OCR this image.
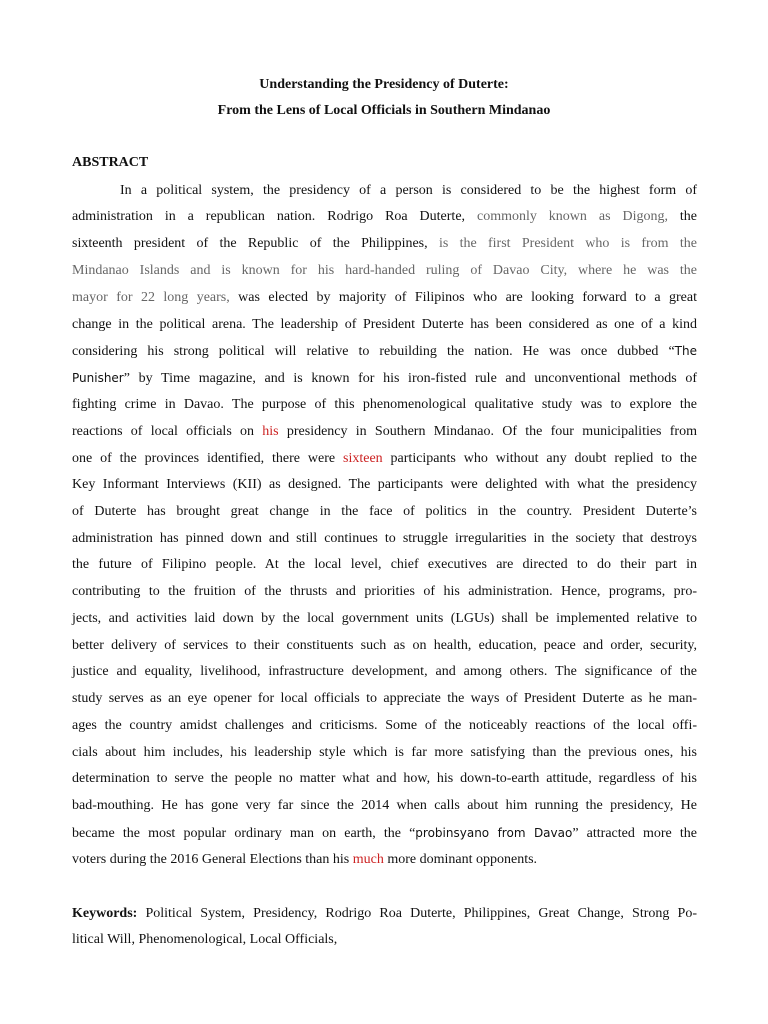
Understanding the Presidency of Duterte:
From the Lens of Local Officials in Southern Mindanao
ABSTRACT
In a political system, the presidency of a person is considered to be the highest form of
administration in a republican nation. Rodrigo Roa Duterte, commonly known as Digong, the
sixteenth president of the Republic of the Philippines, is the first President who is from the
Mindanao Islands and is known for his hard-handed ruling of Davao City, where he was the
mayor for 22 long years, was elected by majority of Filipinos who are looking forward to a great
change in the political arena. The leadership of President Duterte has been considered as one of a kind
considering his strong political will relative to rebuilding the nation. He was once dubbed “The
Punisher” by Time magazine, and is known for his iron-fisted rule and unconventional methods of
fighting crime in Davao. The purpose of this phenomenological qualitative study was to explore the
reactions of local officials on his presidency in Southern Mindanao. Of the four municipalities from
one of the provinces identified, there were sixteen participants who without any doubt replied to the
Key Informant Interviews (KII) as designed. The participants were delighted with what the presidency
of Duterte has brought great change in the face of politics in the country. President Duterte’s
administration has pinned down and still continues to struggle irregularities in the society that destroys
the future of Filipino people. At the local level, chief executives are directed to do their part in
contributing to the fruition of the thrusts and priorities of his administration. Hence, programs, pro-
jects, and activities laid down by the local government units (LGUs) shall be implemented relative to
better delivery of services to their constituents such as on health, education, peace and order, security,
justice and equality, livelihood, infrastructure development, and among others. The significance of the
study serves as an eye opener for local officials to appreciate the ways of President Duterte as he man-
ages the country amidst challenges and criticisms. Some of the noticeably reactions of the local offi-
cials about him includes, his leadership style which is far more satisfying than the previous ones, his
determination to serve the people no matter what and how, his down-to-earth attitude, regardless of his
bad-mouthing. He has gone very far since the 2014 when calls about him running the presidency, He
became the most popular ordinary man on earth, the “probinsyano from Davao” attracted more the
voters during the 2016 General Elections than his much more dominant opponents.
Keywords: Political System, Presidency, Rodrigo Roa Duterte, Philippines, Great Change, Strong Po-
litical Will, Phenomenological, Local Officials,
